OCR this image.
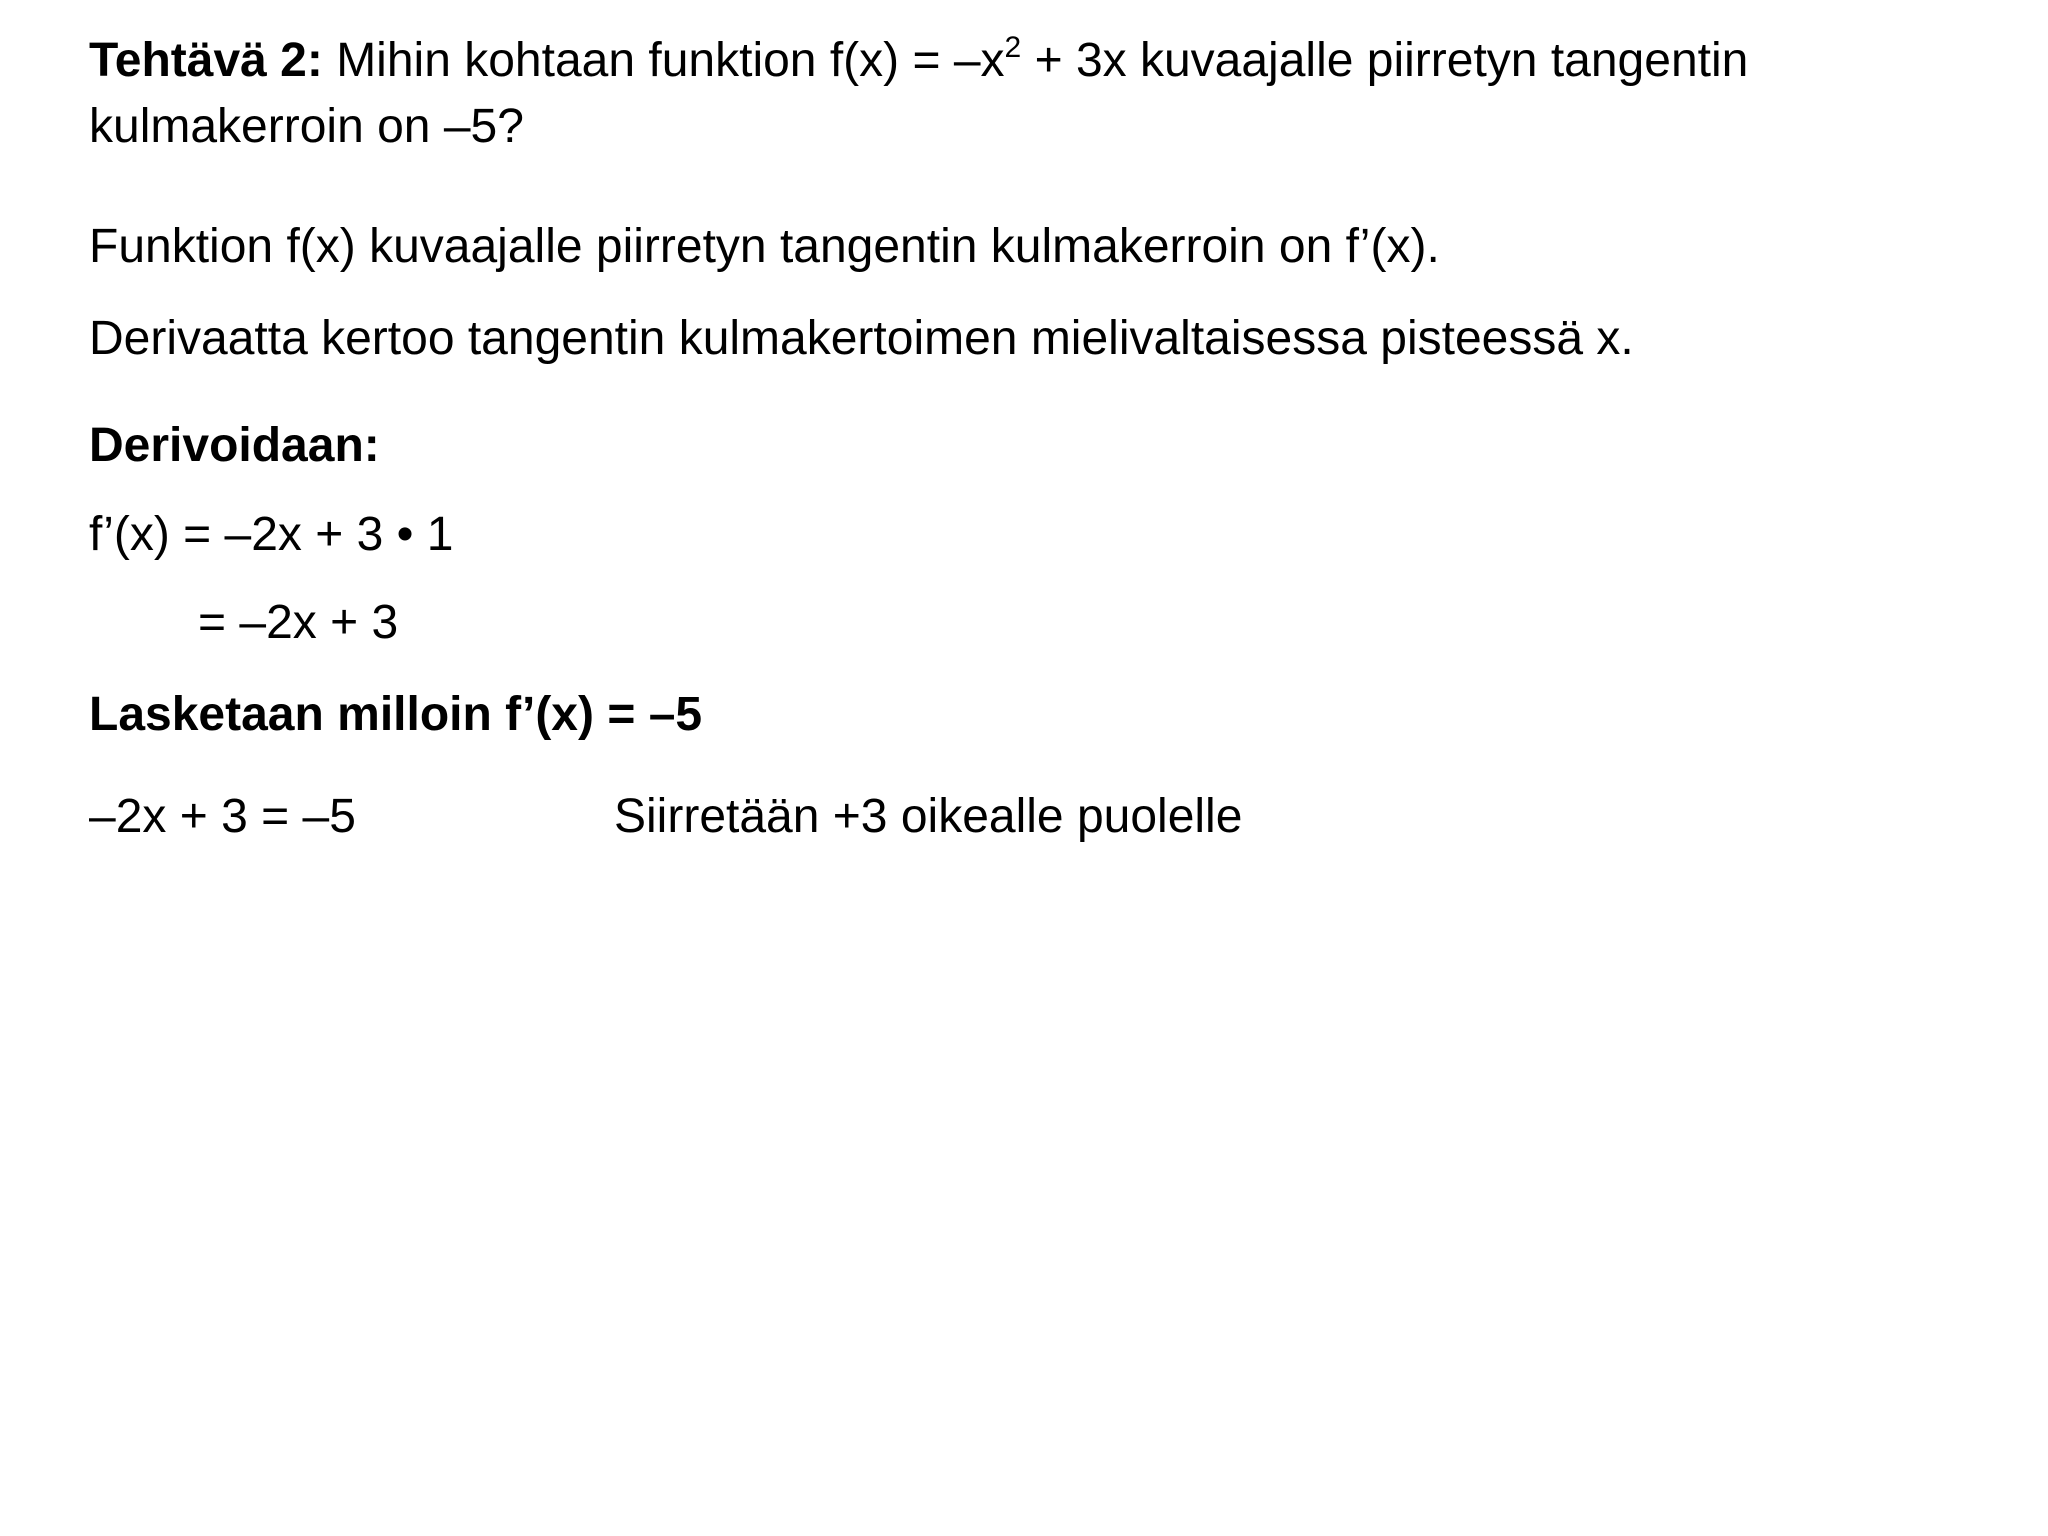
Tehtävä 2: Mihin kohtaan funktion $f(x) = -x^2 + 3x$ kuvaajalle piirretyn tangentin
kulmakerroin on –5?
Funktion f(x) kuvaajalle piirretyn tangentin kulmakerroin on f’(x).
Derivaatta kertoo tangentin kulmakertoimen mielivaltaisessa pisteessä x.
Derivoidaan:
f’(x) = –2x + 3 • 1
= –2x + 3
Lasketaan milloin f’(x) = –5
–2x + 3 = –5	Siirretään +3 oikealle puolelle
